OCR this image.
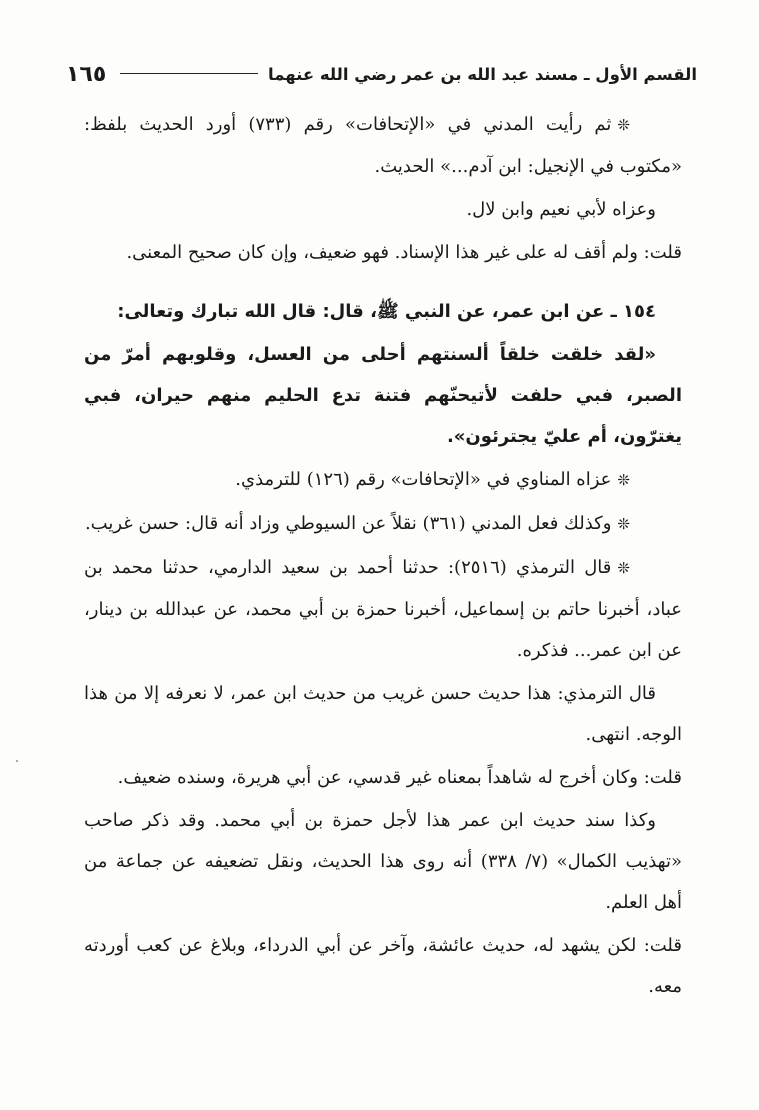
القسم الأول ـ مسند عبد الله بن عمر رضي الله عنهما
١٦٥

❊ثم رأيت المدني في «الإتحافات» رقم (٧٣٣) أورد الحديث بلفظ: «مكتوب في الإنجيل: ابن آدم...» الحديث.

وعزاه لأبي نعيم وابن لال.

قلت: ولم أقف له على غير هذا الإسناد. فهو ضعيف، وإن كان صحيح المعنى.

١٥٤ ـ عن ابن عمر، عن النبي ﷺ، قال: قال الله تبارك وتعالى:

«لقد خلقت خلقاً ألسنتهم أحلى من العسل، وقلوبهم أمرّ من الصبر، فبي حلفت لأتيحنّهم فتنة تدع الحليم منهم حيران، فبي يغترّون، أم عليّ يجترئون».

❊عزاه المناوي في «الإتحافات» رقم (١٢٦) للترمذي.

❊وكذلك فعل المدني (٣٦١) نقلاً عن السيوطي وزاد أنه قال: حسن غريب.

❊قال الترمذي (٢٥١٦): حدثنا أحمد بن سعيد الدارمي، حدثنا محمد بن عباد، أخبرنا حاتم بن إسماعيل، أخبرنا حمزة بن أبي محمد، عن عبدالله بن دينار، عن ابن عمر... فذكره.

قال الترمذي: هذا حديث حسن غريب من حديث ابن عمر، لا نعرفه إلا من هذا الوجه. انتهى.

قلت: وكان أخرج له شاهداً بمعناه غير قدسي، عن أبي هريرة، وسنده ضعيف.

وكذا سند حديث ابن عمر هذا لأجل حمزة بن أبي محمد. وقد ذكر صاحب «تهذيب الكمال» (٧/ ٣٣٨) أنه روى هذا الحديث، ونقل تضعيفه عن جماعة من أهل العلم.

قلت: لكن يشهد له، حديث عائشة، وآخر عن أبي الدرداء، وبلاغ عن كعب أوردته معه.
